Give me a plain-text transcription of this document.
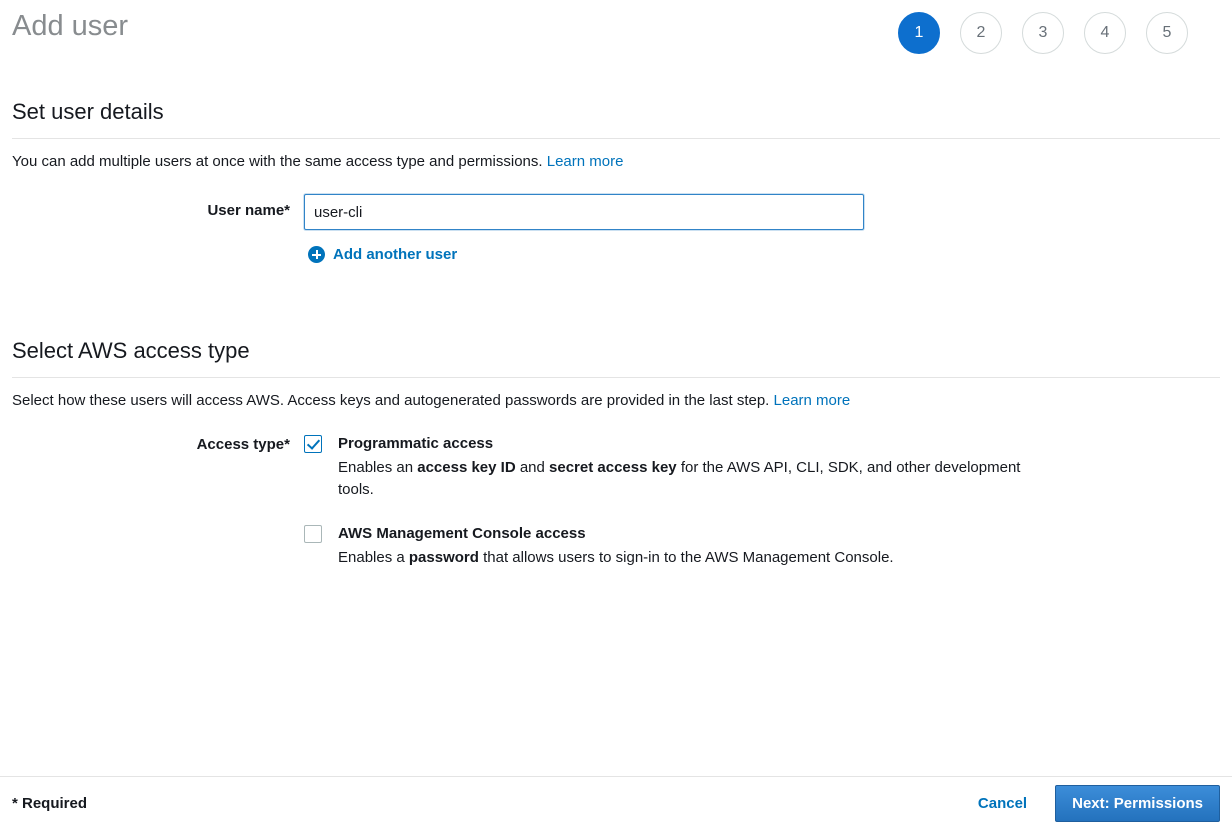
Add user	1	2	3	4	5
Set user details

You can add multiple users at once with the same access type and permissions. Learn more

User name*
user-cli
Add another user
Select AWS access type

Select how these users will access AWS. Access keys and autogenerated passwords are provided in the last step. Learn more

Access type*	Programmatic access
Enables an access key ID and secret access key for the AWS API, CLI, SDK, and other development tools.
AWS Management Console access
Enables a password that allows users to sign-in to the AWS Management Console.
* Required	Cancel	Next: Permissions
